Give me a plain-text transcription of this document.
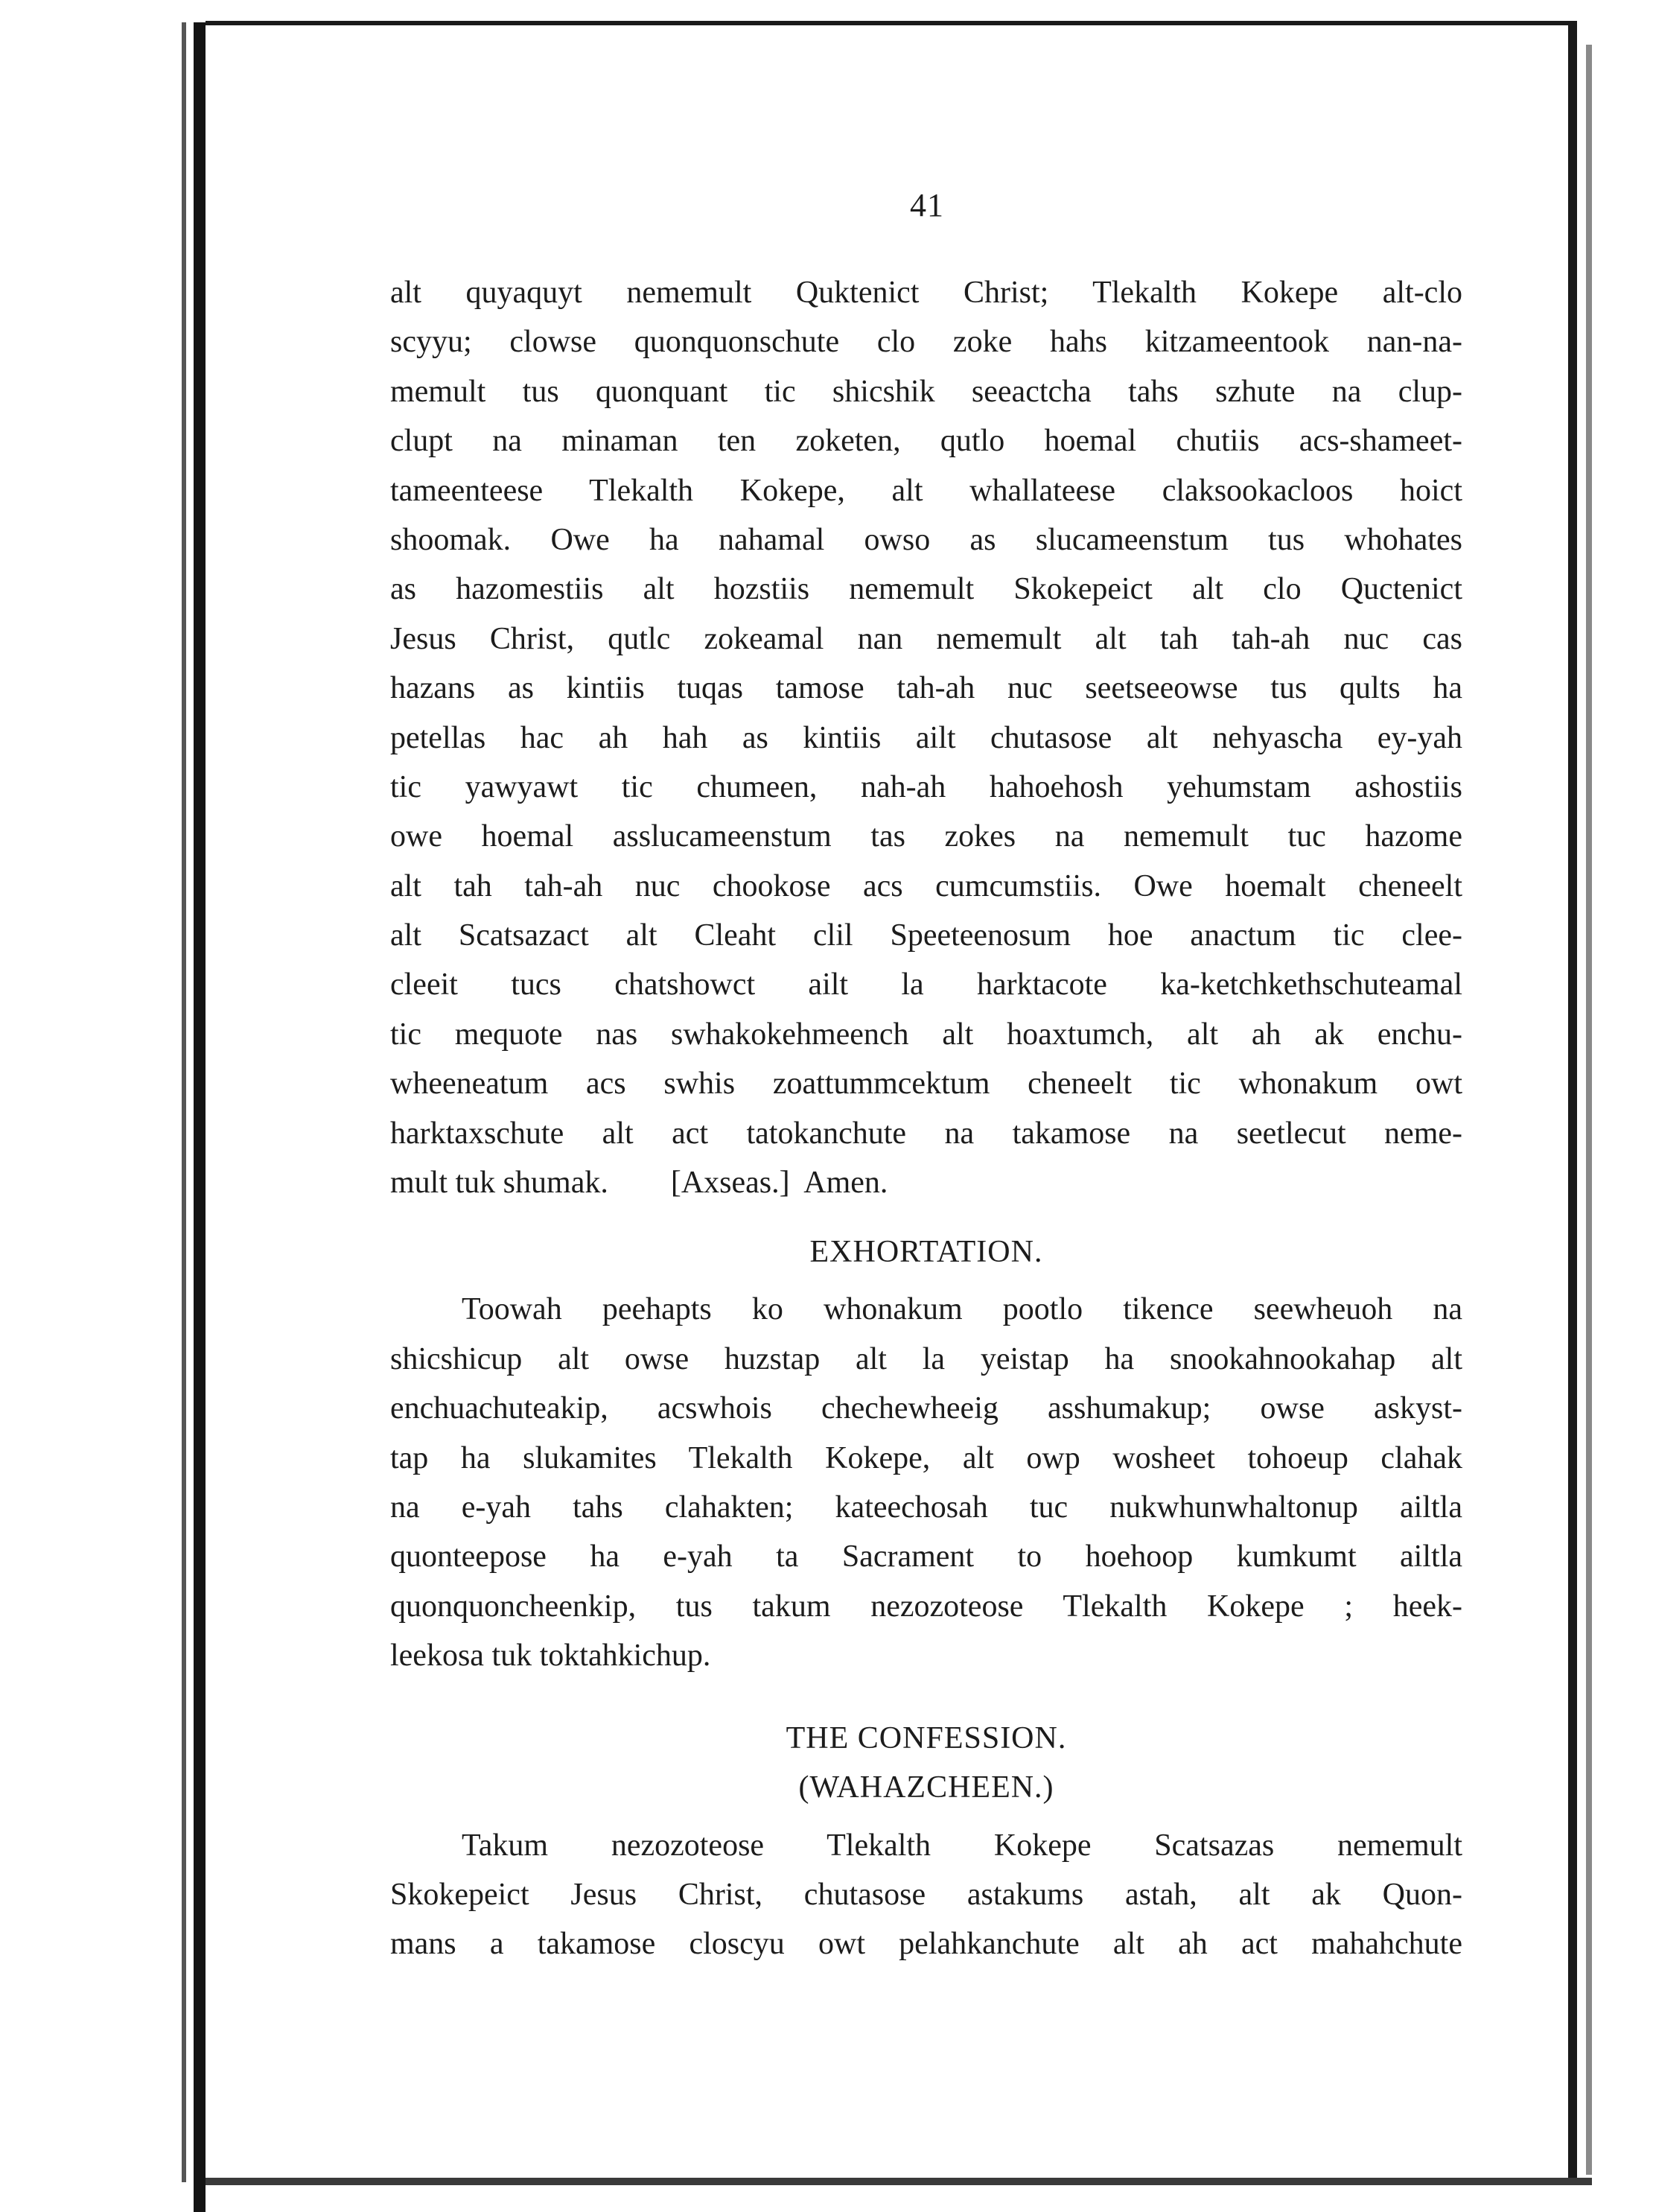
41
alt quyaquyt nememult Quktenict Christ; Tlekalth Kokepe alt-clo
scyyu; clowse quonquonschute clo zoke hahs kitzameentook nan-na-
memult tus quonquant tic shicshik seeactcha tahs szhute na clup-
clupt na minaman ten zoketen, qutlo hoemal chutiis acs-shameet-
tameenteese Tlekalth Kokepe, alt whallateese claksookacloos hoict
shoomak. Owe ha nahamal owso as slucameenstum tus whohates
as hazomestiis alt hozstiis nememult Skokepeict alt clo Quctenict
Jesus Christ, qutlc zokeamal nan nememult alt tah tah-ah nuc cas
hazans as kintiis tuqas tamose tah-ah nuc seetseeowse tus qults ha
petellas hac ah hah as kintiis ailt chutasose alt nehyascha ey-yah
tic yawyawt tic chumeen, nah-ah hahoehosh yehumstam ashostiis
owe hoemal asslucameenstum tas zokes na nememult tuc hazome
alt tah tah-ah nuc chookose acs cumcumstiis. Owe hoemalt cheneelt
alt Scatsazact alt Cleaht clil Speeteenosum hoe anactum tic clee-
cleeit tucs chatshowct ailt la harktacote ka-ketchkethschuteamal
tic mequote nas swhakokehmeench alt hoaxtumch, alt ah ak enchu-
wheeneatum acs swhis zoattummcektum cheneelt tic whonakum owt
harktaxschute alt act tatokanchute na takamose na seetlecut neme-
mult tuk shumak.        [Axseas.]  Amen.
EXHORTATION.
Toowah peehapts ko whonakum pootlo tikence seewheuoh na
shicshicup alt owse huzstap alt la yeistap ha snookahnookahap alt
enchuachuteakip, acswhois chechewheeig asshumakup; owse askyst-
tap ha slukamites Tlekalth Kokepe, alt owp wosheet tohoeup clahak
na e-yah tahs clahakten; kateechosah tuc nukwhunwhaltonup ailtla
quonteepose ha e-yah ta Sacrament to hoehoop kumkumt ailtla
quonquoncheenkip, tus takum nezozoteose Tlekalth Kokepe ; heek-
leekosa tuk toktahkichup.
THE CONFESSION.
(WAHAZCHEEN.)
Takum nezozoteose Tlekalth Kokepe Scatsazas nememult
Skokepeict Jesus Christ, chutasose astakums astah, alt ak Quon-
mans a takamose closcyu owt pelahkanchute alt ah act mahahchute
